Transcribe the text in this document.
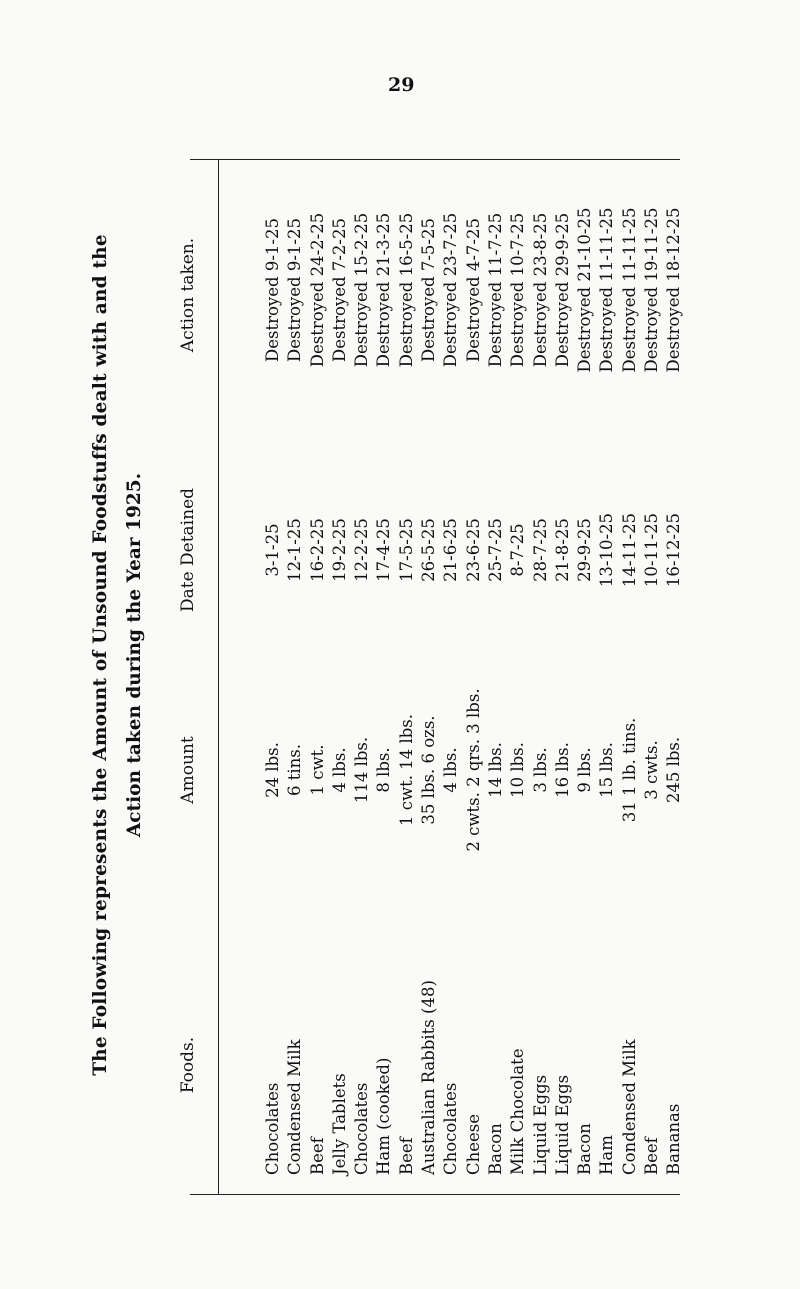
29
The Following represents the Amount of Unsound Foodstuffs dealt with and the Action taken during the Year 1925.
Foods.
Amount
Date Detained
Action taken.
Chocolates Condensed Milk Beef Jelly Tablets Chocolates Ham (cooked) Beef Australian Rabbits (48) Chocolates Cheese Bacon Milk Chocolate Liquid Eggs Liquid Eggs Bacon Ham Condensed Milk Beef Bananas
24 lbs. 6 tins. 1 cwt. 4 lbs. 114 lbs. 8 lbs. 1 cwt. 14 lbs. 35 lbs. 6 ozs. 4 lbs. 2 cwts. 2 qrs. 3 lbs. 14 lbs. 10 lbs. 3 lbs. 16 lbs. 9 lbs. 15 lbs. 31 1 lb. tins. 3 cwts. 245 lbs.
3-1-25 12-1-25 16-2-25 19-2-25 12-2-25 17-4-25 17-5-25 26-5-25 21-6-25 23-6-25 25-7-25 8-7-25 28-7-25 21-8-25 29-9-25 13-10-25 14-11-25 10-11-25 16-12-25
Destroyed 9-1-25 Destroyed 9-1-25 Destroyed 24-2-25 Destroyed 7-2-25 Destroyed 15-2-25 Destroyed 21-3-25 Destroyed 16-5-25 Destroyed 7-5-25 Destroyed 23-7-25 Destroyed 4-7-25 Destroyed 11-7-25 Destroyed 10-7-25 Destroyed 23-8-25 Destroyed 29-9-25 Destroyed 21-10-25 Destroyed 11-11-25 Destroyed 11-11-25 Destroyed 19-11-25 Destroyed 18-12-25
